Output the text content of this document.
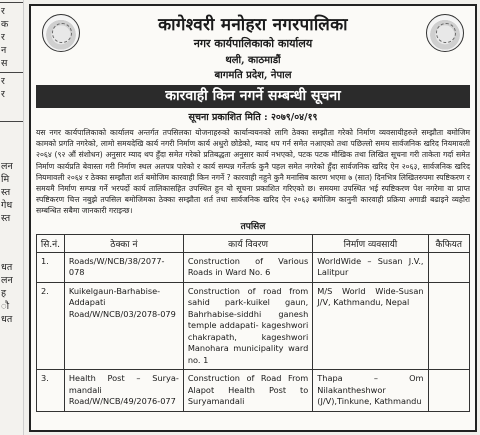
र
क
र
न
स
र
र
लन
मि
स्त
गेध
स्त
धत
लन
ह
ौ
धत
कागेश्वरी मनोहरा नगरपालिका
नगर कार्यपालिकाको कार्यालय
थली, काठमाडौं
बागमति प्रदेश, नेपाल
कारवाही किन नगर्ने सम्बन्धी सूचना
सूचना प्रकाशित मिति : २०७९/०४/१९

यस नगर कार्यपालिकाको कार्यालय अन्तर्गत तपसिलका योजनाहरुको कार्यान्वयनको लागि ठेक्का सम्झौता गरेको निर्माण व्यवसायीहरुले सम्झौता बमोजिम कामको प्रगति नगरेको, लामो समयदेखि कार्य नगरी निर्माण कार्य अधुरो छोडेको, म्याद थप गर्न समेत नआएको तथा पछिल्लो समय सार्वजनिक खरिद नियमावली २०६४ (९२ औं संशोधन) अनुसार म्याद थप हुँदा समेत गरेको प्रतिबद्धता अनुसार कार्य नभएको, पटक पटक मौखिक तथा लिखित सूचना गरी ताकेता गर्दा समेत निर्माण कार्यप्रति बेवास्ता गरी निर्माण स्थल अलपत्र पारेको र कार्य सम्पन्न गर्नेतर्फ कुनै पहल समेत नगरेको हुँदा सार्वजनिक खरिद ऐन २०६३, सार्वजनिक खरिद नियमावली २०६४ र ठेक्का सम्झौता शर्त बमोजिम कारवाही किन नगर्ने ? कारवाही नहुने कुनै मनासिब कारण भएमा ७ (सात) दिनभित्र लिखितरुपमा स्पष्टिकरण र समयमै निर्माण सम्पन्न गर्ने भरपर्दो कार्य तालिकासहित उपस्थित हुन यो सूचना प्रकाशित गरिएको छ। समयमा उपस्थित भई स्पष्टिकरण पेश नगरेमा वा प्राप्त स्पष्टिकरण चित्त नबुझे तपसिल बमोजिमका ठेक्का सम्झौता शर्त तथा सार्वजनिक खरिद ऐन २०६३ बमोजिम कानुनी कारवाही प्रक्रिया अगाडी बढाइने व्यहोरा सम्बन्धित सबैमा जानकारी गराइन्छ।

तपसिल
सि.नं.	ठेक्का नं	कार्य विवरण	निर्माण व्यवसायी	कैफियत
1.	Roads/W/NCB/38/2077-078	Construction of Various Roads in Ward No. 6	WorldWide – Susan J.V., Lalitpur	
2.	Kuikelgaun-Barhabise-Addapati Road/W/NCB/03/2078-079	Construction of road from sahid park-kuikel gaun, Bahrhabise-siddhi ganesh temple addapati- kageshwori chakrapath, kageshwori Manohara municipality ward no. 1	M/S World Wide-Susan J/V, Kathmandu, Nepal	
3.	Health Post – Surya-mandali Road/W/NCB/49/2076-077	Construction of Road From Alapot Health Post to Suryamandali	Thapa – Om Nilakantheshwor (J/V),Tinkune, Kathmandu	
